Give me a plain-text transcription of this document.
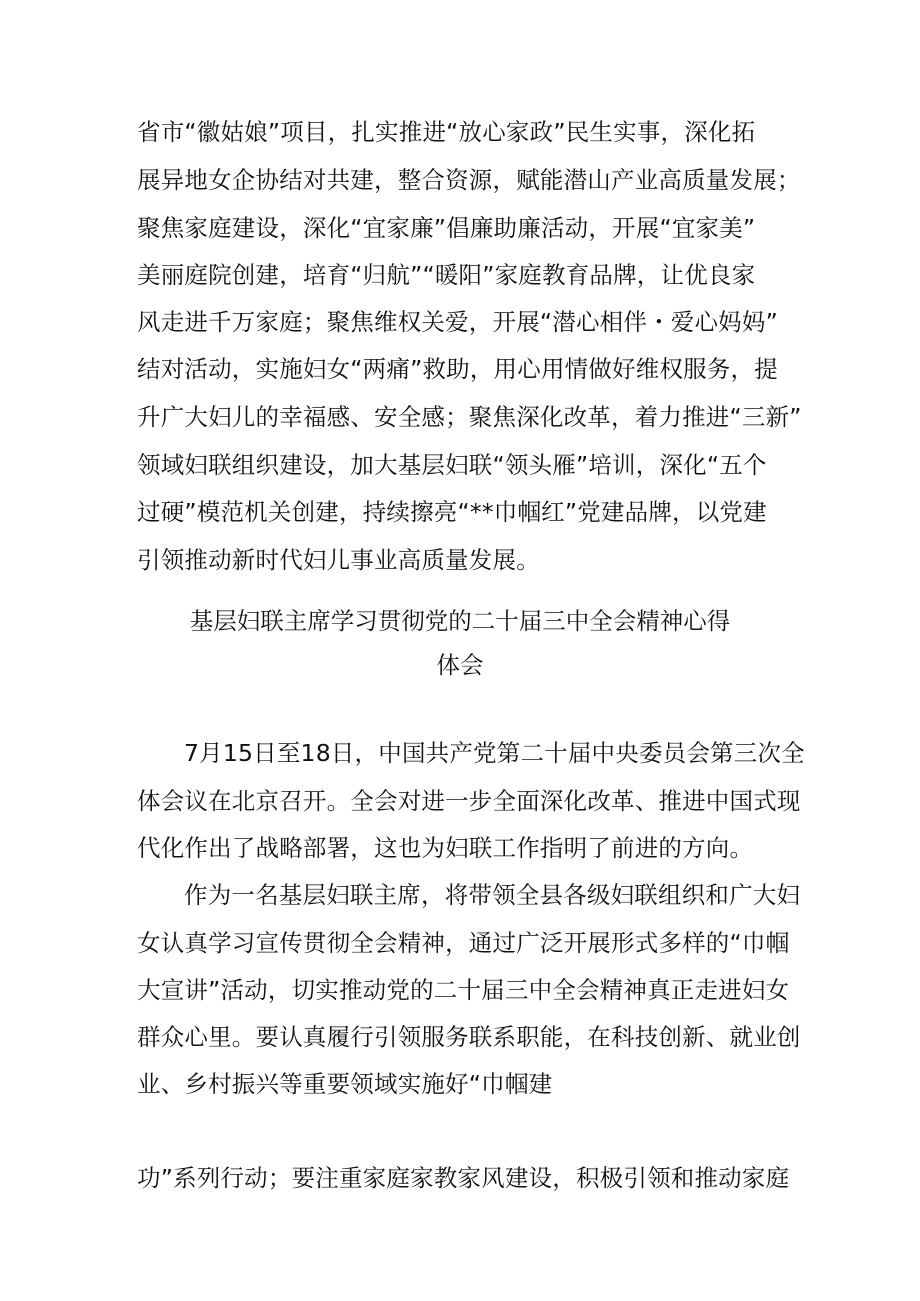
省市“徽姑娘”项目，扎实推进“放心家政”民生实事，深化拓
展异地女企协结对共建，整合资源，赋能潜山产业高质量发展；
聚焦家庭建设，深化“宜家廉”倡廉助廉活动，开展“宜家美”
美丽庭院创建，培育“归航”“暖阳”家庭教育品牌，让优良家
风走进千万家庭；聚焦维权关爱，开展“潜心相伴・爱心妈妈”
结对活动，实施妇女“两痛”救助，用心用情做好维权服务，提
升广大妇儿的幸福感、安全感；聚焦深化改革，着力推进“三新”
领域妇联组织建设，加大基层妇联“领头雁”培训，深化“五个
过硬”模范机关创建，持续擦亮“**巾帼红”党建品牌，以党建
引领推动新时代妇儿事业高质量发展。
基层妇联主席学习贯彻党的二十届三中全会精神心得
体会
7月15日至18日，中国共产党第二十届中央委员会第三次全
体会议在北京召开。全会对进一步全面深化改革、推进中国式现
代化作出了战略部署，这也为妇联工作指明了前进的方向。
作为一名基层妇联主席，将带领全县各级妇联组织和广大妇
女认真学习宣传贯彻全会精神，通过广泛开展形式多样的“巾帼
大宣讲”活动，切实推动党的二十届三中全会精神真正走进妇女
群众心里。要认真履行引领服务联系职能，在科技创新、就业创
业、乡村振兴等重要领域实施好“巾帼建
功”系列行动；要注重家庭家教家风建设，积极引领和推动家庭
